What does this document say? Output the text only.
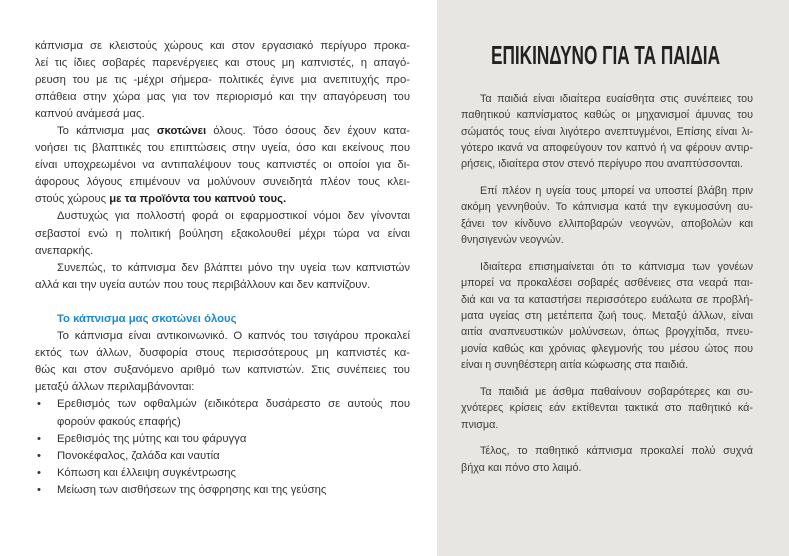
κάπνισμα σε κλειστούς χώρους και στον εργασιακό περίγυρο προκα-
λεί τις ίδιες σοβαρές παρενέργειες και στους μη καπνιστές, η απαγό-
ρευση του με τις -μέχρι σήμερα- πολιτικές έγινε μια ανεπιτυχής προ-
σπάθεια στην χώρα μας για τον περιορισμό και την απαγόρευση του
καπνού ανάμεσά μας.
Το κάπνισμα μας σκοτώνει όλους. Τόσο όσους δεν έχουν κατα-
νοήσει τις βλαπτικές του επιπτώσεις στην υγεία, όσο και εκείνους που
είναι υποχρεωμένοι να αντιπαλέψουν τους καπνιστές οι οποίοι για δι-
άφορους λόγους επιμένουν να μολύνουν συνειδητά πλέον τους κλει-
στούς χώρους με τα προϊόντα του καπνού τους.
Δυστυχώς για πολλοστή φορά οι εφαρμοστικοί νόμοι δεν γίνονται
σεβαστοί ενώ η πολιτική βούληση εξακολουθεί μέχρι τώρα να είναι
ανεπαρκής.
Συνεπώς, το κάπνισμα δεν βλάπτει μόνο την υγεία των καπνιστών
αλλά και την υγεία αυτών που τους περιβάλλουν και δεν καπνίζουν.
Το κάπνισμα μας σκοτώνει όλους
Το κάπνισμα είναι αντικοινωνικό. Ο καπνός του τσιγάρου προκαλεί
εκτός των άλλων, δυσφορία στους περισσότερους μη καπνιστές κα-
θώς και στον συξανόμενο αριθμό των καπνιστών. Στις συνέπειες του
μεταξύ άλλων περιλαμβάνονται:
•
Ερεθισμός των οφθαλμών (ειδικότερα δυσάρεστο σε αυτούς που
φορούν φακούς επαφής)
•
Ερεθισμός της μύτης και του φάρυγγα
•
Πονοκέφαλος, ζαλάδα και ναυτία
•
Κόπωση και έλλειψη συγκέντρωσης
•
Μείωση των αισθήσεων της όσφρησης και της γεύσης
ΕΠΙΚΙΝΔΥΝΟ ΓΙΑ ΤΑ ΠΑΙΔΙΑ
Τα παιδιά είναι ιδιαίτερα ευαίσθητα στις συνέπειες του
παθητικού καπνίσματος καθώς οι μηχανισμοί άμυνας του
σώματός τους είναι λιγότερο ανεπτυγμένοι, Επίσης είναι λι-
γότερο ικανά να αποφεύγουν τον καπνό ή να φέρουν αντιρ-
ρήσεις, ιδιαίτερα στον στενό περίγυρο που αναπτύσσονται.
Επί πλέον η υγεία τους μπορεί να υποστεί βλάβη πριν
ακόμη γεννηθούν. Το κάπνισμα κατά την εγκυμοσύνη αυ-
ξάνει τον κίνδυνο ελλιποβαρών νεογνών, αποβολών και
θνησιγενών νεογνών.
Ιδιαίτερα επισημαίνεται ότι το κάπνισμα των γονέων
μπορεί να προκαλέσει σοβαρές ασθένειες στα νεαρά παι-
διά και να τα καταστήσει περισσότερο ευάλωτα σε προβλή-
ματα υγείας στη μετέπειτα ζωή τους. Μεταξύ άλλων, είναι
αιτία αναπνευστικών μολύνσεων, όπως βρογχίτιδα, πνευ-
μονία καθώς και χρόνιας φλεγμονής του μέσου ώτος που
είναι η συνηθέστερη αιτία κώφωσης στα παιδιά.
Τα παιδιά με άσθμα παθαίνουν σοβαρότερες και συ-
χνότερες κρίσεις εάν εκτίθενται τακτικά στο παθητικό κά-
πνισμα.
Τέλος, το παθητικό κάπνισμα προκαλεί πολύ συχνά
βήχα και πόνο στο λαιμό.
